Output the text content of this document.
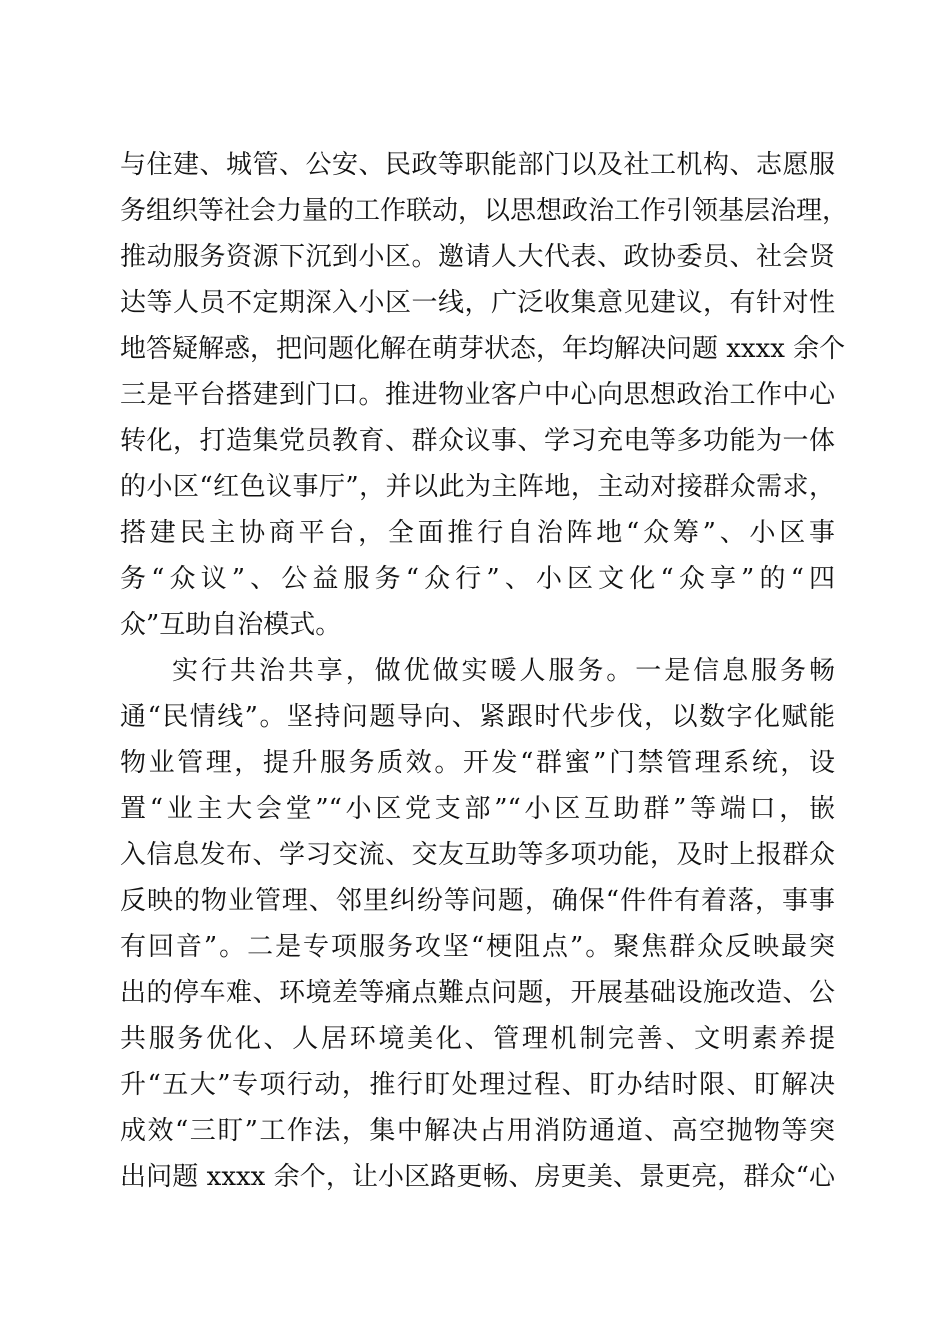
与住建、城管、公安、民政等职能部门以及社工机构、志愿服
务组织等社会力量的工作联动，以思想政治工作引领基层治理，
推动服务资源下沉到小区。邀请人大代表、政协委员、社会贤
达等人员不定期深入小区一线，广泛收集意见建议，有针对性
地答疑解惑，把问题化解在萌芽状态，年均解决问题 xxxx 余个
三是平台搭建到门口。推进物业客户中心向思想政治工作中心
转化，打造集党员教育、群众议事、学习充电等多功能为一体
的小区“红色议事厅”，并以此为主阵地，主动对接群众需求，
搭建民主协商平台，全面推行自治阵地“众筹”、小区事
务“众议”、公益服务“众行”、小区文化“众享”的“四
众”互助自治模式。
实行共治共享，做优做实暖人服务。一是信息服务畅
通“民情线”。坚持问题导向、紧跟时代步伐，以数字化赋能
物业管理，提升服务质效。开发“群蜜”门禁管理系统，设
置“业主大会堂”“小区党支部”“小区互助群”等端口，嵌
入信息发布、学习交流、交友互助等多项功能，及时上报群众
反映的物业管理、邻里纠纷等问题，确保“件件有着落，事事
有回音”。二是专项服务攻坚“梗阻点”。聚焦群众反映最突
出的停车难、环境差等痛点難点问题，开展基础设施改造、公
共服务优化、人居环境美化、管理机制完善、文明素养提
升“五大”专项行动，推行盯处理过程、盯办结时限、盯解决
成效“三盯”工作法，集中解决占用消防通道、高空抛物等突
出问题 xxxx 余个，让小区路更畅、房更美、景更亮，群众“心
